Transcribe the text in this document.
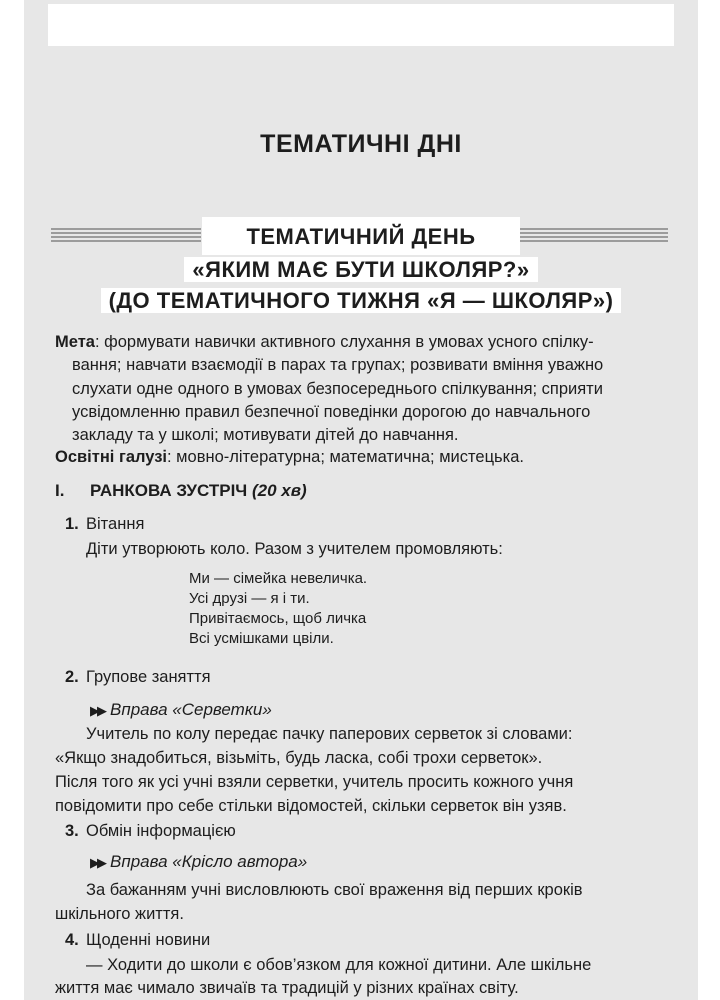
ТЕМАТИЧНІ ДНІ
ТЕМАТИЧНИЙ ДЕНЬ
«ЯКИМ МАЄ БУТИ ШКОЛЯР?»
(ДО ТЕМАТИЧНОГО ТИЖНЯ «Я — ШКОЛЯР»)
Мета: формувати навички активного слухання в умовах усного спілку-
вання; навчати взаємодії в парах та групах; розвивати вміння уважно
слухати одне одного в умовах безпосереднього спілкування; сприяти
усвідомленню правил безпечної поведінки дорогою до навчального
закладу та у школі; мотивувати дітей до навчання.
Освітні галузі: мовно-літературна; математична; мистецька.
I. РАНКОВА ЗУСТРІЧ (20 хв)
1. Вітання
Діти утворюють коло. Разом з учителем промовляють:
Ми — сімейка невеличка.
Усі друзі — я і ти.
Привітаємось, щоб личка
Всі усмішками цвіли.
2. Групове заняття
▶▶ Вправа «Серветки»
Учитель по колу передає пачку паперових серветок зі словами:
«Якщо знадобиться, візьміть, будь ласка, собі трохи серветок».
Після того як усі учні взяли серветки, учитель просить кожного учня
повідомити про себе стільки відомостей, скільки серветок він узяв.
3. Обмін інформацією
▶▶ Вправа «Крісло автора»
За бажанням учні висловлюють свої враження від перших кроків
шкільного життя.
4. Щоденні новини
— Ходити до школи є обов’язком для кожної дитини. Але шкільне
життя має чимало звичаїв та традицій у різних країнах світу.
